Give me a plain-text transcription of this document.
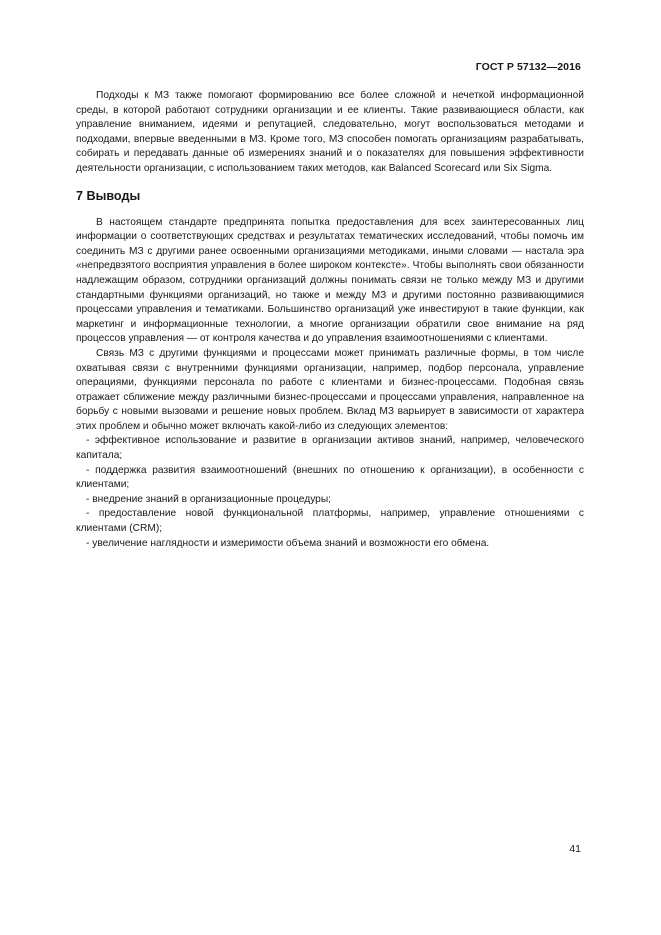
ГОСТ Р 57132—2016

Подходы к МЗ также помогают формированию все более сложной и нечеткой информационной среды, в которой работают сотрудники организации и ее клиенты. Такие развивающиеся области, как управление вниманием, идеями и репутацией, следовательно, могут воспользоваться методами и подходами, впервые введенными в МЗ. Кроме того, МЗ способен помогать организациям разрабатывать, собирать и передавать данные об измерениях знаний и о показателях для повышения эффективности деятельности организации, с использованием таких методов, как Balanced Scorecard или Six Sigma.

7 Выводы

В настоящем стандарте предпринята попытка предоставления для всех заинтересованных лиц информации о соответствующих средствах и результатах тематических исследований, чтобы помочь им соединить МЗ с другими ранее освоенными организациями методиками, иными словами — настала эра «непредвзятого восприятия управления в более широком контексте». Чтобы выполнять свои обязанности надлежащим образом, сотрудники организаций должны понимать связи не только между МЗ и другими стандартными функциями организаций, но также и между МЗ и другими постоянно развивающимися процессами управления и тематиками. Большинство организаций уже инвестируют в такие функции, как маркетинг и информационные технологии, а многие организации обратили свое внимание на ряд процессов управления — от контроля качества и до управления взаимоотношениями с клиентами.

Связь МЗ с другими функциями и процессами может принимать различные формы, в том числе охватывая связи с внутренними функциями организации, например, подбор персонала, управление операциями, функциями персонала по работе с клиентами и бизнес-процессами. Подобная связь отражает сближение между различными бизнес-процессами и процессами управления, направленное на борьбу с новыми вызовами и решение новых проблем. Вклад МЗ варьирует в зависимости от характера этих проблем и обычно может включать какой-либо из следующих элементов:

- эффективное использование и развитие в организации активов знаний, например, человеческого капитала;
- поддержка развития взаимоотношений (внешних по отношению к организации), в особенности с клиентами;
- внедрение знаний в организационные процедуры;
- предоставление новой функциональной платформы, например, управление отношениями с клиентами (CRM);
- увеличение наглядности и измеримости объема знаний и возможности его обмена.
41
